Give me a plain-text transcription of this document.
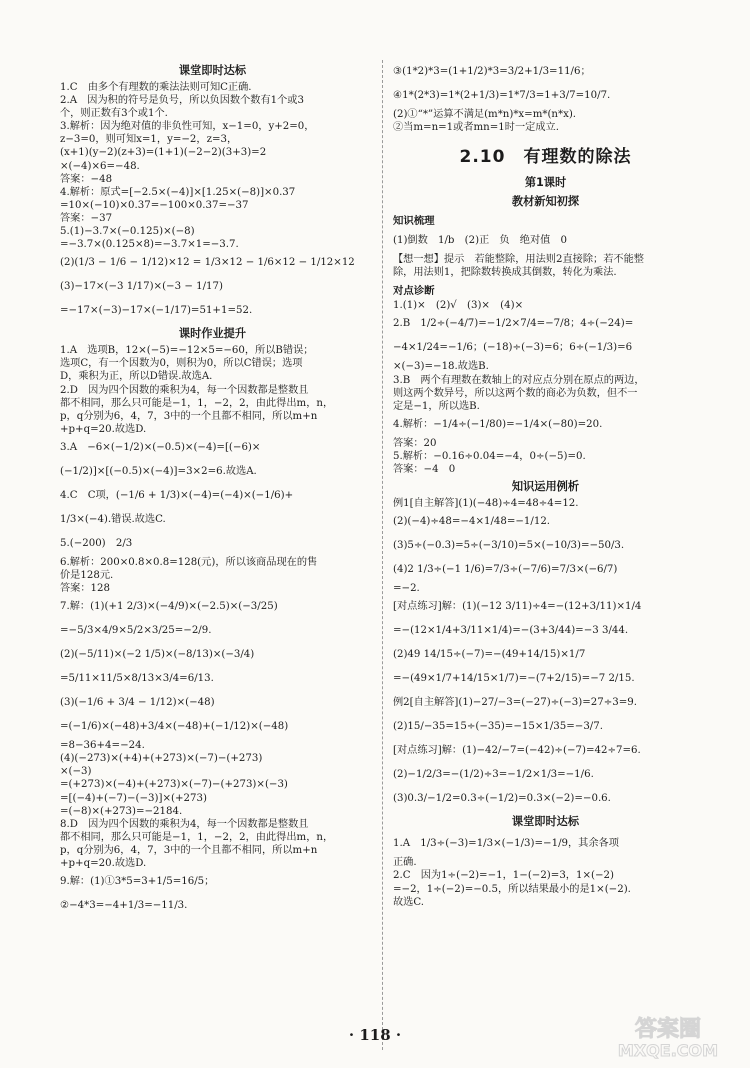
课堂即时达标
1.C　由多个有理数的乘法法则可知C正确.
2.A　因为积的符号是负号，所以负因数个数有1个或3
个，则正数有3个或1个.
3.解析：因为绝对值的非负性可知，x−1=0，y+2=0，
z−3=0，则可知x=1，y=−2，z=3，
(x+1)(y−2)(z+3)=(1+1)(−2−2)(3+3)=2
×(−4)×6=−48.
答案：−48
4.解析：原式=[−2.5×(−4)]×[1.25×(−8)]×0.37
=10×(−10)×0.37=−100×0.37=−37
答案：−37
5.(1)−3.7×(−0.125)×(−8)
=−3.7×(0.125×8)=−3.7×1=−3.7.
(2)(1/3 − 1/6 − 1/12)×12 = 1/3×12 − 1/6×12 − 1/12×12
(3)−17×(−3 1/17)×(−3 − 1/17)
=−17×(−3)−17×(−1/17)=51+1=52.
课时作业提升
1.A　选项B，12×(−5)=−12×5=−60，所以B错误；
选项C，有一个因数为0，则积为0，所以C错误；选项
D，乘积为正，所以D错误.故选A.
2.D　因为四个因数的乘积为4，每一个因数都是整数且
都不相同，那么只可能是−1，1，−2，2，由此得出m，n，
p，q分别为6，4，7，3中的一个且都不相同，所以m+n
+p+q=20.故选D.
3.A　−6×(−1/2)×(−0.5)×(−4)=[(−6)×
(−1/2)]×[(−0.5)×(−4)]=3×2=6.故选A.
4.C　C项，(−1/6 + 1/3)×(−4)=(−4)×(−1/6)+
1/3×(−4).错误.故选C.
5.(−200)　2/3
6.解析：200×0.8×0.8=128(元)，所以该商品现在的售
价是128元.
答案：128
7.解：(1)(+1 2/3)×(−4/9)×(−2.5)×(−3/25)
=−5/3×4/9×5/2×3/25=−2/9.
(2)(−5/11)×(−2 1/5)×(−8/13)×(−3/4)
=5/11×11/5×8/13×3/4=6/13.
(3)(−1/6 + 3/4 − 1/12)×(−48)
=(−1/6)×(−48)+3/4×(−48)+(−1/12)×(−48)
=8−36+4=−24.
(4)(−273)×(+4)+(+273)×(−7)−(+273)
×(−3)
=(+273)×(−4)+(+273)×(−7)−(+273)×(−3)
=[(−4)+(−7)−(−3)]×(+273)
=(−8)×(+273)=−2184.
8.D　因为四个因数的乘积为4，每一个因数都是整数且
都不相同，那么只可能是−1，1，−2，2，由此得出m，n，
p，q分别为6，4，7，3中的一个且都不相同，所以m+n
+p+q=20.故选D.
9.解：(1)①3*5=3+1/5=16/5；
②−4*3=−4+1/3=−11/3.
③(1*2)*3=(1+1/2)*3=3/2+1/3=11/6；
④1*(2*3)=1*(2+1/3)=1*7/3=1+3/7=10/7.
(2)①“*”运算不满足(m*n)*x=m*(n*x).
②当m=n=1或者mn=1时一定成立.
2.10　有理数的除法
第1课时
教材新知初探
知识梳理
(1)倒数　1/b　(2)正　负　绝对值　0
【想一想】提示　若能整除，用法则2直接除；若不能整
除，用法则1，把除数转换成其倒数，转化为乘法.
对点诊断
1.(1)×　(2)√　(3)×　(4)×
2.B　1/2÷(−4/7)=−1/2×7/4=−7/8；4÷(−24)=
−4×1/24=−1/6；(−18)÷(−3)=6；6÷(−1/3)=6
×(−3)=−18.故选B.
3.B　两个有理数在数轴上的对应点分别在原点的两边，
则这两个数异号，所以这两个数的商必为负数，但不一
定是−1，所以选B.
4.解析：−1/4÷(−1/80)=−1/4×(−80)=20.
答案：20
5.解析：−0.16÷0.04=−4，0÷(−5)=0.
答案：−4　0
知识运用例析
例1[自主解答](1)(−48)÷4=48÷4=12.
(2)(−4)÷48=−4×1/48=−1/12.
(3)5÷(−0.3)=5÷(−3/10)=5×(−10/3)=−50/3.
(4)2 1/3÷(−1 1/6)=7/3÷(−7/6)=7/3×(−6/7)
=−2.
[对点练习]解：(1)(−12 3/11)÷4=−(12+3/11)×1/4
=−(12×1/4+3/11×1/4)=−(3+3/44)=−3 3/44.
(2)49 14/15÷(−7)=−(49+14/15)×1/7
=−(49×1/7+14/15×1/7)=−(7+2/15)=−7 2/15.
例2[自主解答](1)−27/−3=(−27)÷(−3)=27÷3=9.
(2)15/−35=15÷(−35)=−15×1/35=−3/7.
[对点练习]解：(1)−42/−7=(−42)÷(−7)=42÷7=6.
(2)−1/2/3=−(1/2)÷3=−1/2×1/3=−1/6.
(3)0.3/−1/2=0.3÷(−1/2)=0.3×(−2)=−0.6.
课堂即时达标
1.A　1/3÷(−3)=1/3×(−1/3)=−1/9，其余各项
正确.
2.C　因为1÷(−2)=−1，1−(−2)=3，1×(−2)
=−2，1÷(−2)=−0.5，所以结果最小的是1×(−2).
故选C.
· 118 ·	答案圈
MXQE.COM
